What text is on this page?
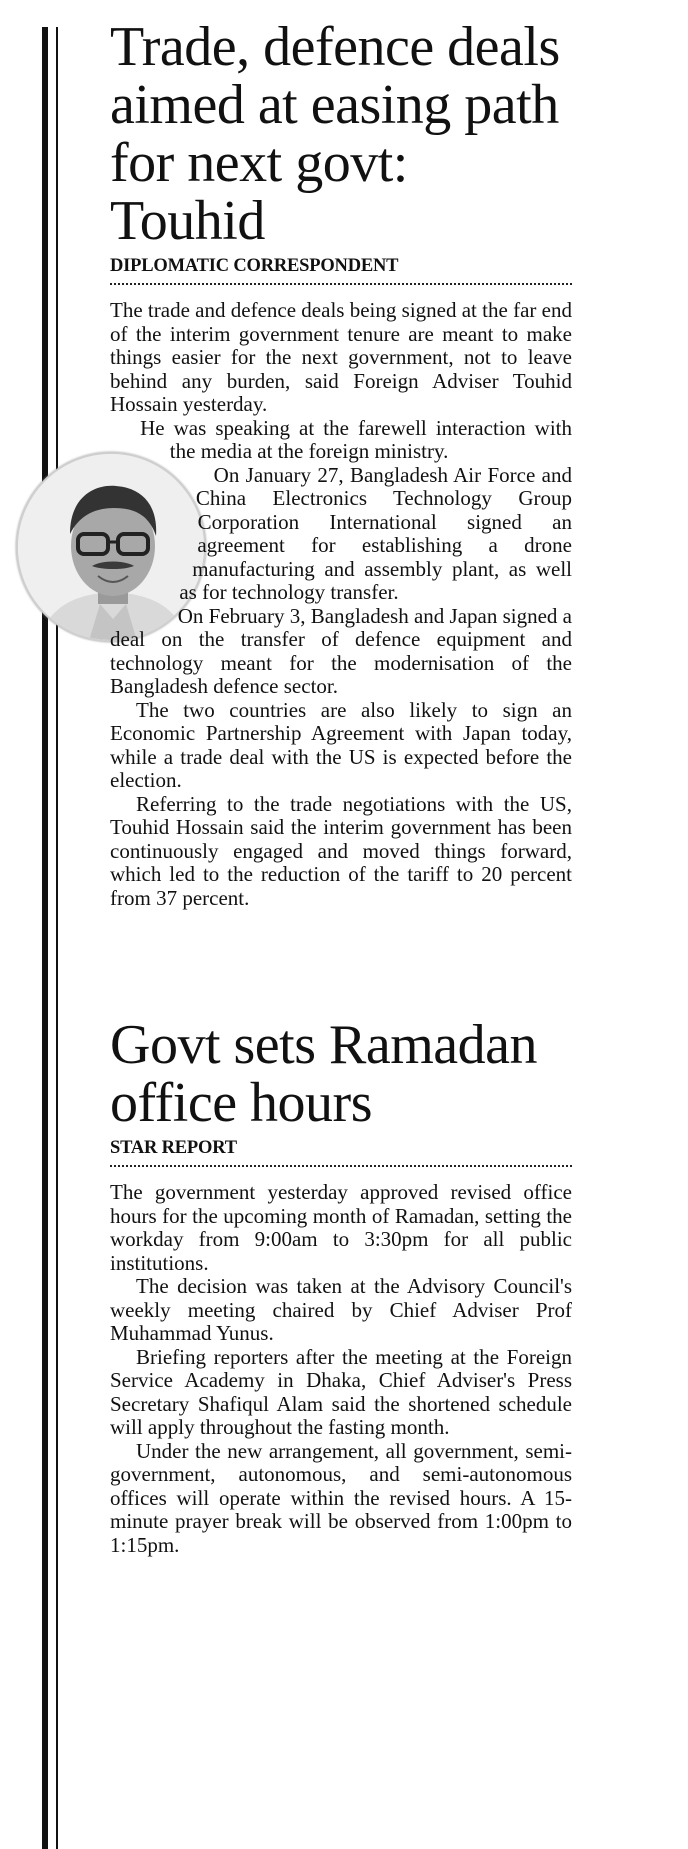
Trade, defence deals aimed at easing path for next govt: Touhid
DIPLOMATIC CORRESPONDENT

The trade and defence deals being signed at the far end of the interim government tenure are meant to make things easier for the next government, not to leave behind any burden, said Foreign Adviser Touhid Hossain yesterday.

He was speaking at the farewell interaction with the media at the foreign ministry.

On January 27, Bangladesh Air Force and China Electronics Technology Group Corporation International signed an agreement for establishing a drone manufacturing and assembly plant, as well as for technology transfer.

On February 3, Bangladesh and Japan signed a deal on the transfer of defence equipment and technology meant for the modernisation of the Bangladesh defence sector.

The two countries are also likely to sign an Economic Partnership Agreement with Japan today, while a trade deal with the US is expected before the election.

Referring to the trade negotiations with the US, Touhid Hossain said the interim government has been continuously engaged and moved things forward, which led to the reduction of the tariff to 20 percent from 37 percent.

Govt sets Ramadan office hours
STAR REPORT

The government yesterday approved revised office hours for the upcoming month of Ramadan, setting the workday from 9:00am to 3:30pm for all public institutions.

The decision was taken at the Advisory Council's weekly meeting chaired by Chief Adviser Prof Muhammad Yunus.

Briefing reporters after the meeting at the Foreign Service Academy in Dhaka, Chief Adviser's Press Secretary Shafiqul Alam said the shortened schedule will apply throughout the fasting month.

Under the new arrangement, all government, semi-government, autonomous, and semi-autonomous offices will operate within the revised hours. A 15-minute prayer break will be observed from 1:00pm to 1:15pm.
